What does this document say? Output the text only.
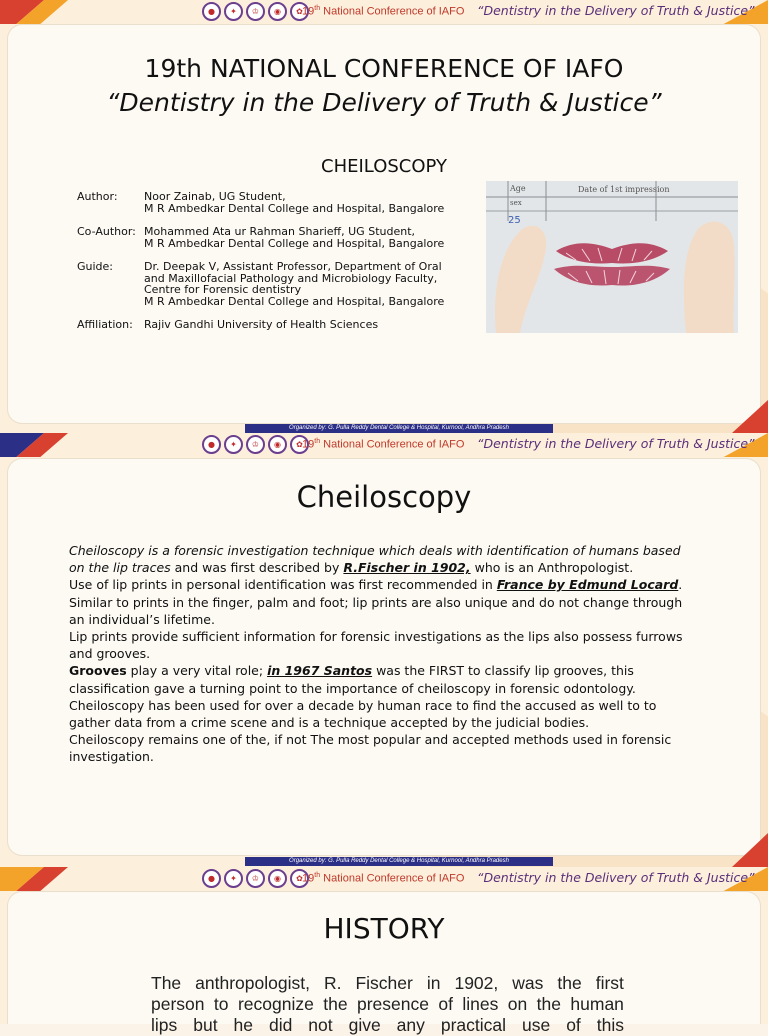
●	✦	♔	◉	✿ 19th National Conference of IAFO “Dentistry in the Delivery of Truth & Justice”
19th NATIONAL CONFERENCE OF IAFO
“Dentistry in the Delivery of Truth & Justice”
CHEILOSCOPY
Author: Noor Zainab, UG Student,
M R Ambedkar Dental College and Hospital, Bangalore
Co-Author: Mohammed Ata ur Rahman Sharieff, UG Student,
M R Ambedkar Dental College and Hospital, Bangalore
Guide:	Dr. Deepak V, Assistant Professor, Department of Oral
and Maxillofacial Pathology and Microbiology Faculty,
Centre for Forensic dentistry
M R Ambedkar Dental College and Hospital, Bangalore
Affiliation: Rajiv Gandhi University of Health Sciences
Age
sex
Date of 1st impression
25
Organized by: G. Pulla Reddy Dental College & Hospital, Kurnool, Andhra Pradesh
●	✦	♔	◉	✿ 19th National Conference of IAFO “Dentistry in the Delivery of Truth & Justice”
Organized by: G. Pulla Reddy Dental College & Hospital, Kurnool, Andhra Pradesh
Cheiloscopy
Cheiloscopy is a forensic investigation technique which deals with identification of humans based
on the lip traces and was first described by R.Fischer in 1902, who is an Anthropologist.
Use of lip prints in personal identification was first recommended in France by Edmund Locard.
Similar to prints in the finger, palm and foot; lip prints are also unique and do not change through
an individual’s lifetime.
Lip prints provide sufficient information for forensic investigations as the lips also possess furrows
and grooves.
Grooves play a very vital role; in 1967 Santos was the FIRST to classify lip grooves, this
classification gave a turning point to the importance of cheiloscopy in forensic odontology.
Cheiloscopy has been used for over a decade by human race to find the accused as well to to
gather data from a crime scene and is a technique accepted by the judicial bodies.
Cheiloscopy remains one of the, if not The most popular and accepted methods used in forensic
investigation.
●	✦	♔	◉	✿ 19th National Conference of IAFO “Dentistry in the Delivery of Truth & Justice”
HISTORY
The anthropologist, R. Fischer in 1902, was the first
person to recognize the presence of lines on the human
lips but he did not give any practical use of this
